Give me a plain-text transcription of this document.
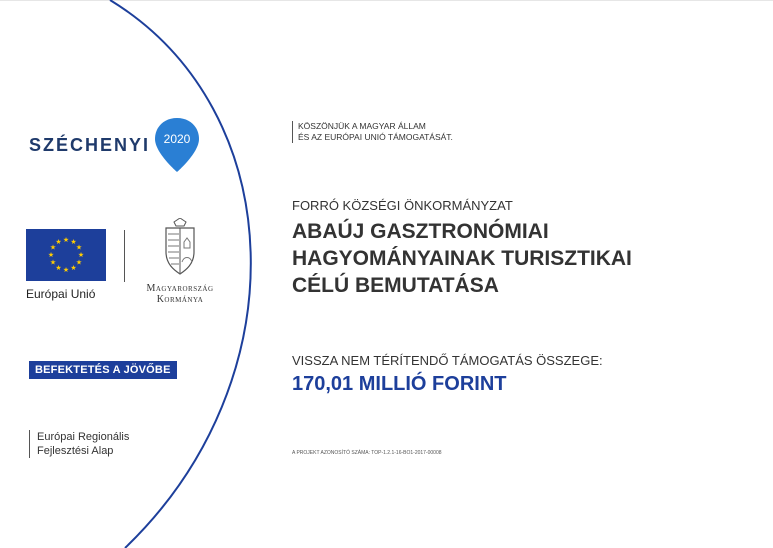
SZÉCHENYI 2020
★ ★
★
★
★
★
★
★
★
★
★
★
Európai Unió	Magyarország
Kormánya
BEFEKTETÉS A JÖVŐBE
Európai Regionális
Fejlesztési Alap
KÖSZÖNJÜK A MAGYAR ÁLLAM
ÉS AZ EURÓPAI UNIÓ TÁMOGATÁSÁT.
FORRÓ KÖZSÉGI ÖNKORMÁNYZAT
ABAÚJ GASZTRONÓMIAI
HAGYOMÁNYAINAK TURISZTIKAI
CÉLÚ BEMUTATÁSA
VISSZA NEM TÉRÍTENDŐ TÁMOGATÁS ÖSSZEGE:
170,01 MILLIÓ FORINT
A PROJEKT AZONOSÍTÓ SZÁMA: TOP-1.2.1-16-BO1-2017-00008
